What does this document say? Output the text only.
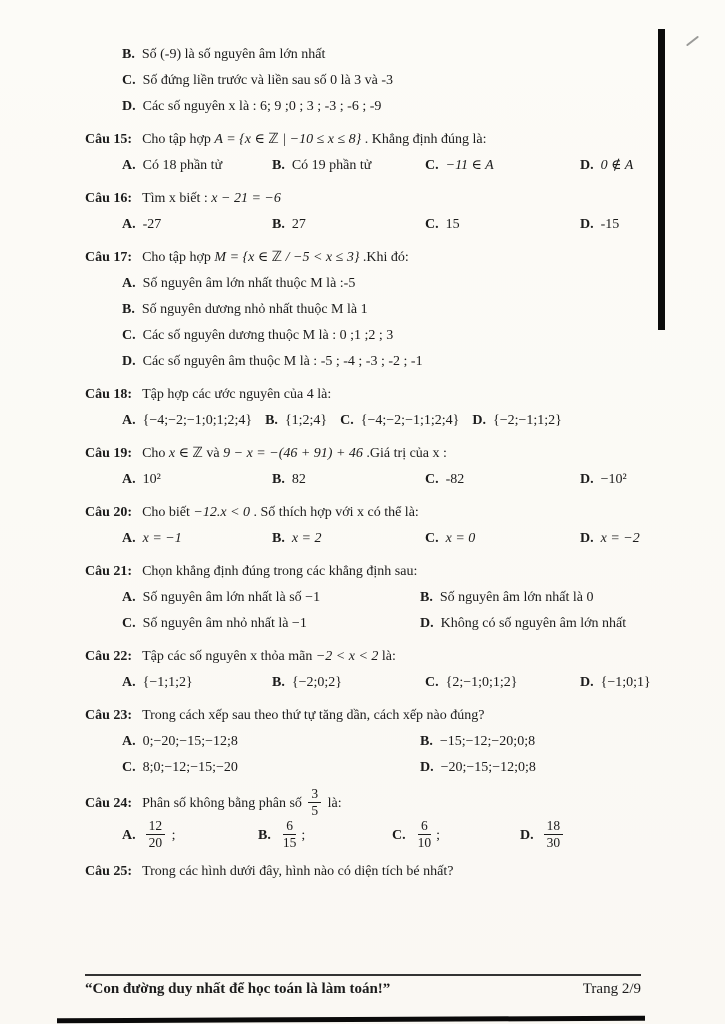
B. Số (-9) là số nguyên âm lớn nhất
C. Số đứng liền trước và liền sau số 0 là 3 và -3
D. Các số nguyên x là : 6; 9 ;0 ; 3 ; -3 ; -6 ; -9
Câu 15: Cho tập hợp A = {x ∈ ℤ | −10 ≤ x ≤ 8} . Khẳng định đúng là:
A. Có 18 phần tử	B. Có 19 phần tử	C. −11 ∈ A	D. 0 ∉ A
Câu 16: Tìm x biết : x − 21 = −6
A. -27	B. 27	C. 15	D. -15
Câu 17: Cho tập hợp M = {x ∈ ℤ / −5 < x ≤ 3} .Khi đó:
A. Số nguyên âm lớn nhất thuộc M là :-5
B. Số nguyên dương nhỏ nhất thuộc M là 1
C. Các số nguyên dương thuộc M là : 0 ;1 ;2 ; 3
D. Các số nguyên âm thuộc M là : -5 ; -4 ; -3 ; -2 ; -1
Câu 18: Tập hợp các ước nguyên của 4 là:
A. {−4;−2;−1;0;1;2;4} B. {1;2;4} C. {−4;−2;−1;1;2;4} D. {−2;−1;1;2}
Câu 19: Cho x ∈ ℤ và 9 − x = −(46 + 91) + 46 .Giá trị của x :
A. 10²	B. 82	C. -82	D. −10²
Câu 20: Cho biết −12.x < 0 . Số thích hợp với x có thể là:
A. x = −1	B. x = 2	C. x = 0	D. x = −2
Câu 21: Chọn khẳng định đúng trong các khẳng định sau:
A. Số nguyên âm lớn nhất là số −1	B. Số nguyên âm lớn nhất là 0
C. Số nguyên âm nhỏ nhất là −1	D. Không có số nguyên âm lớn nhất
Câu 22: Tập các số nguyên x thỏa mãn −2 < x < 2 là:
A. {−1;1;2}	B. {−2;0;2}	C. {2;−1;0;1;2}	D. {−1;0;1}
Câu 23: Trong cách xếp sau theo thứ tự tăng dần, cách xếp nào đúng?
A. 0;−20;−15;−12;8	B. −15;−12;−20;0;8
C. 8;0;−12;−15;−20	D. −20;−15;−12;0;8
Câu 24: Phân số không bằng phân số $\frac{3}{5}$ là:
A. $\frac{12}{20}$ ;	B. $\frac{6}{15}$ ;	C. $\frac{6}{10}$ ;	D. $\frac{18}{30}$
Câu 25: Trong các hình dưới đây, hình nào có diện tích bé nhất?
“Con đường duy nhất để học toán là làm toán!”	Trang 2/9
